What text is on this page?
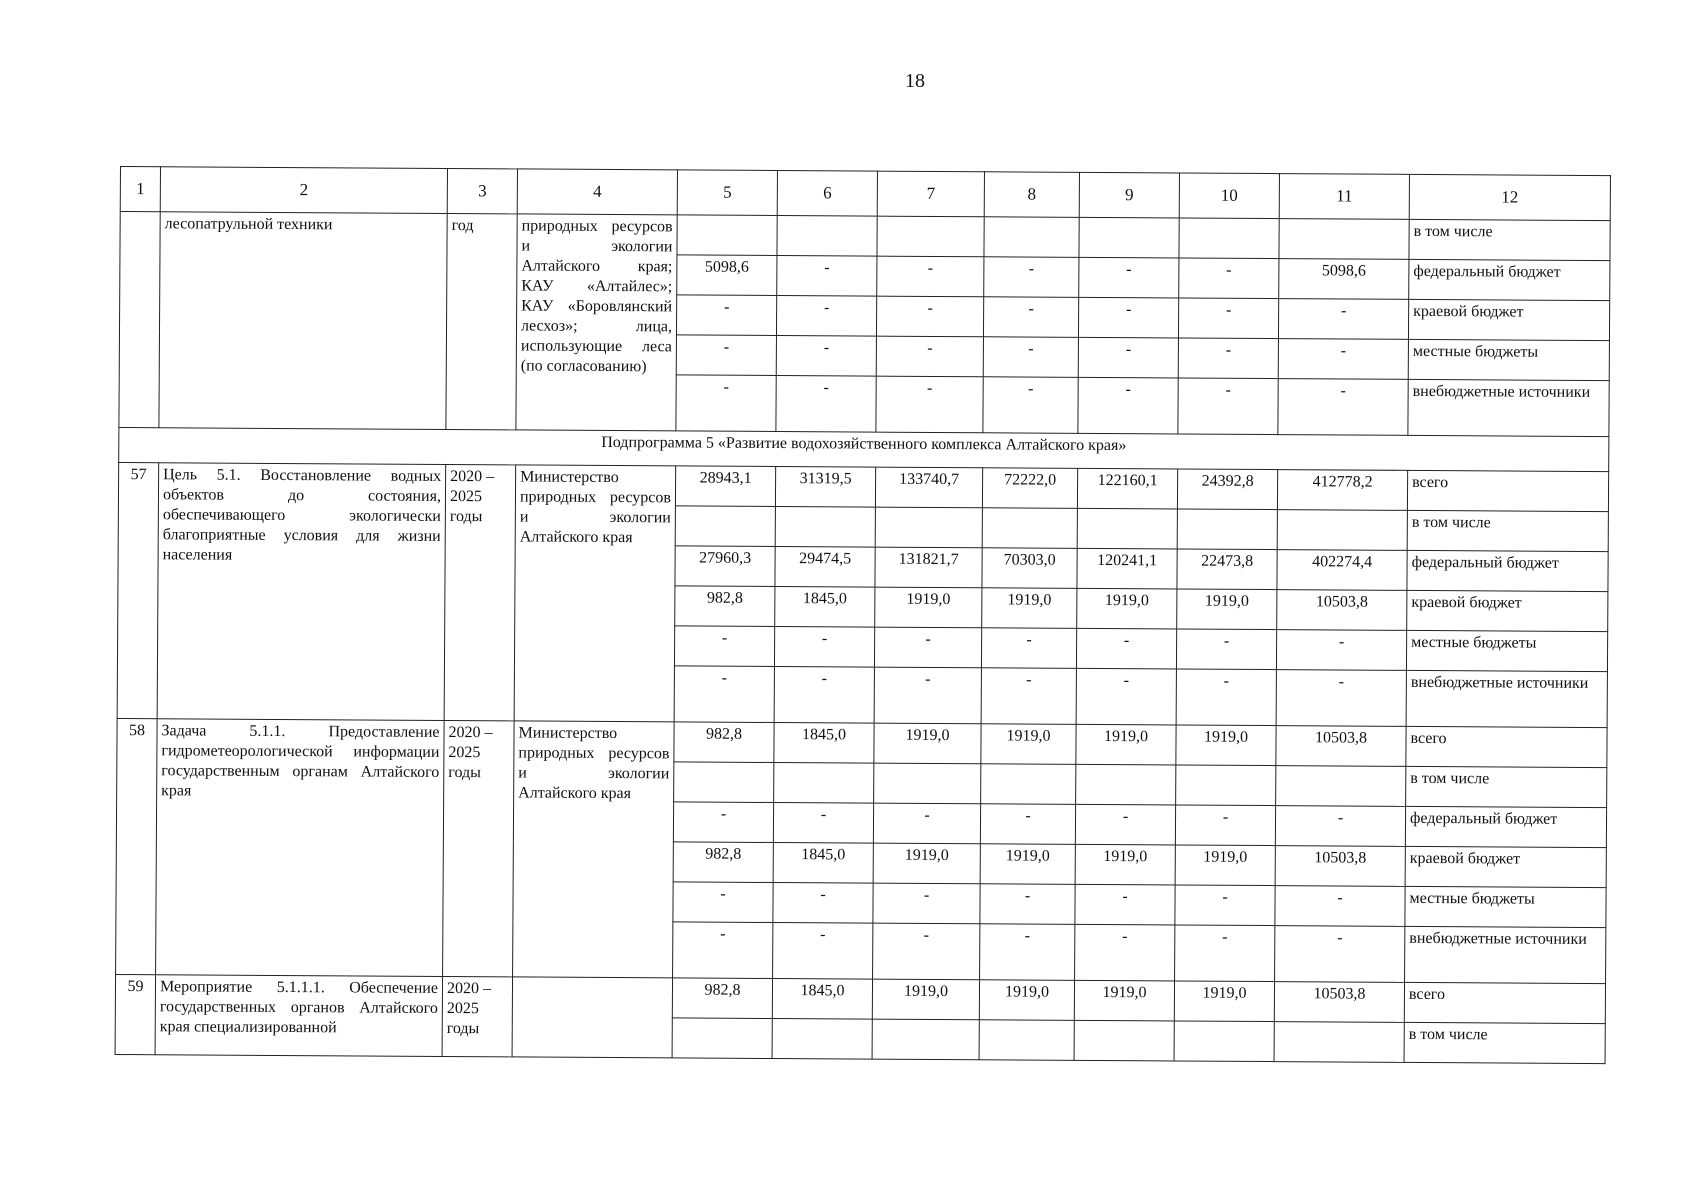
18
1	2	3	4	5	6	7	8	9	10	11	12
	лесопатрульной техники	год	природных ресурсов и экологии Алтайского края; КАУ «Алтайлес»; КАУ «Боровлянский лесхоз»; лица, использующие леса (по согласованию)								в том числе
				5098,6	-	-	-	-	-	5098,6	федеральный бюджет
				-	-	-	-	-	-	-	краевой бюджет
				-	-	-	-	-	-	-	местные бюджеты
				-	-	-	-	-	-	-	внебюджетные источники
Подпрограмма 5 «Развитие водохозяйственного комплекса Алтайского края»											
57	Цель 5.1. Восстановление водных объектов до состояния, обеспечивающего экологически благоприятные условия для жизни населения	2020 – 2025 годы	Министерство природных ресурсов и экологии Алтайского края	28943,1	31319,5	133740,7	72222,0	122160,1	24392,8	412778,2	всего
											в том числе
				27960,3	29474,5	131821,7	70303,0	120241,1	22473,8	402274,4	федеральный бюджет
				982,8	1845,0	1919,0	1919,0	1919,0	1919,0	10503,8	краевой бюджет
				-	-	-	-	-	-	-	местные бюджеты
				-	-	-	-	-	-	-	внебюджетные источники
58	Задача 5.1.1. Предоставление гидрометеорологической информации государственным органам Алтайского края	2020 – 2025 годы	Министерство природных ресурсов и экологии Алтайского края	982,8	1845,0	1919,0	1919,0	1919,0	1919,0	10503,8	всего
											в том числе
				-	-	-	-	-	-	-	федеральный бюджет
				982,8	1845,0	1919,0	1919,0	1919,0	1919,0	10503,8	краевой бюджет
				-	-	-	-	-	-	-	местные бюджеты
				-	-	-	-	-	-	-	внебюджетные источники
59	Мероприятие 5.1.1.1. Обеспечение государственных органов Алтайского края специализированной	2020 – 2025 годы		982,8	1845,0	1919,0	1919,0	1919,0	1919,0	10503,8	всего
											в том числе
